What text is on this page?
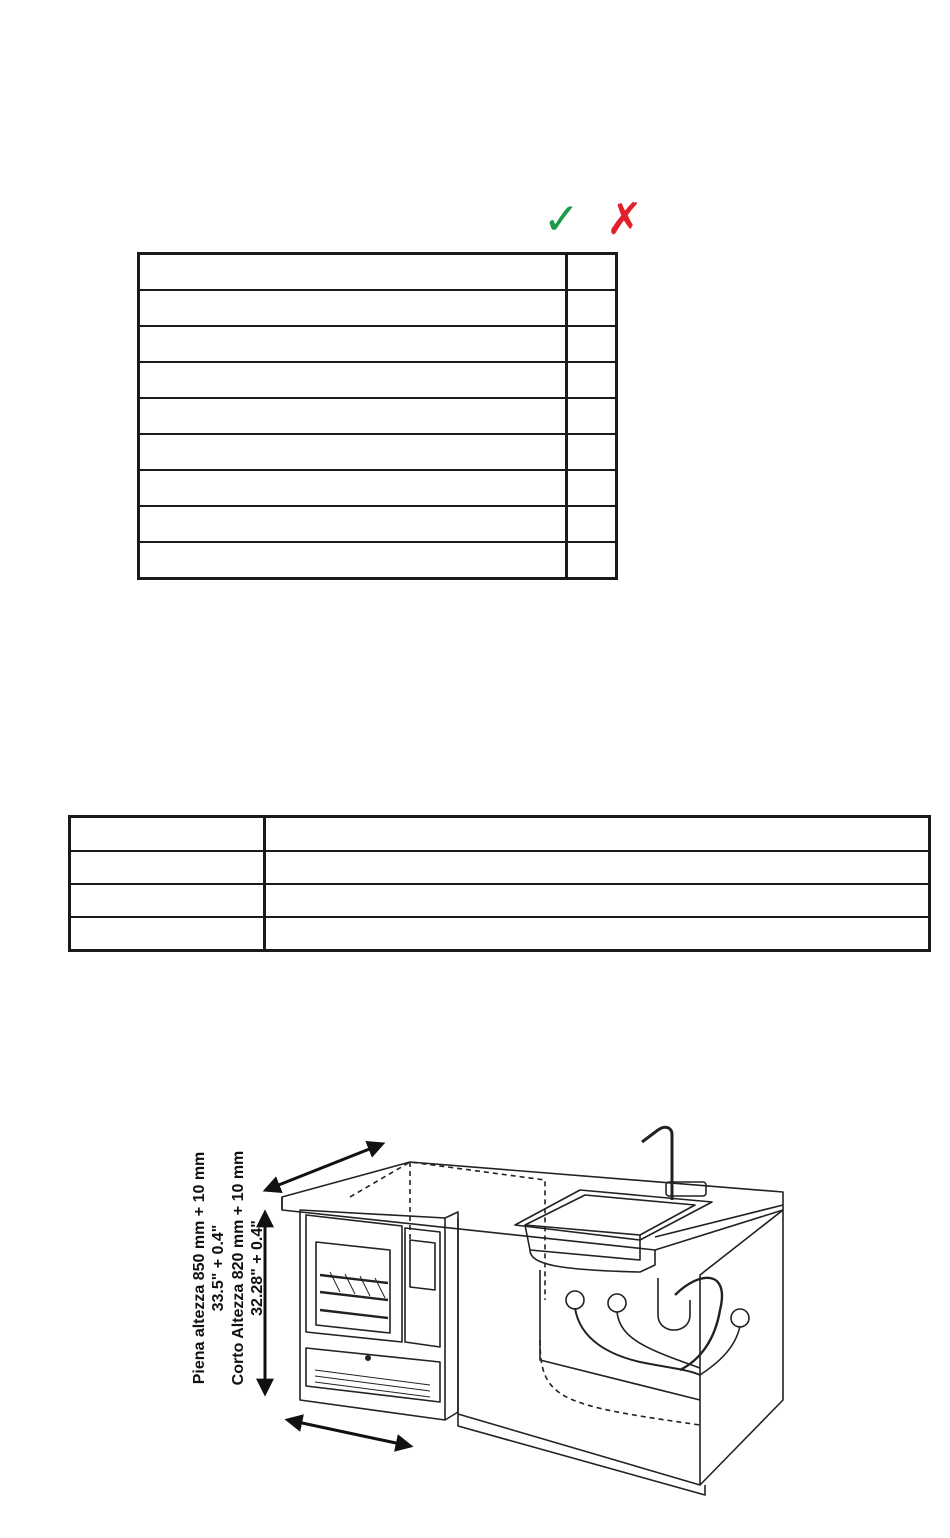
✓ ✗
Piena altezza 850 mm + 10 mm 33.5" + 0.4" Corto Altezza 820 mm + 10 mm 32.28" + 0.4"
